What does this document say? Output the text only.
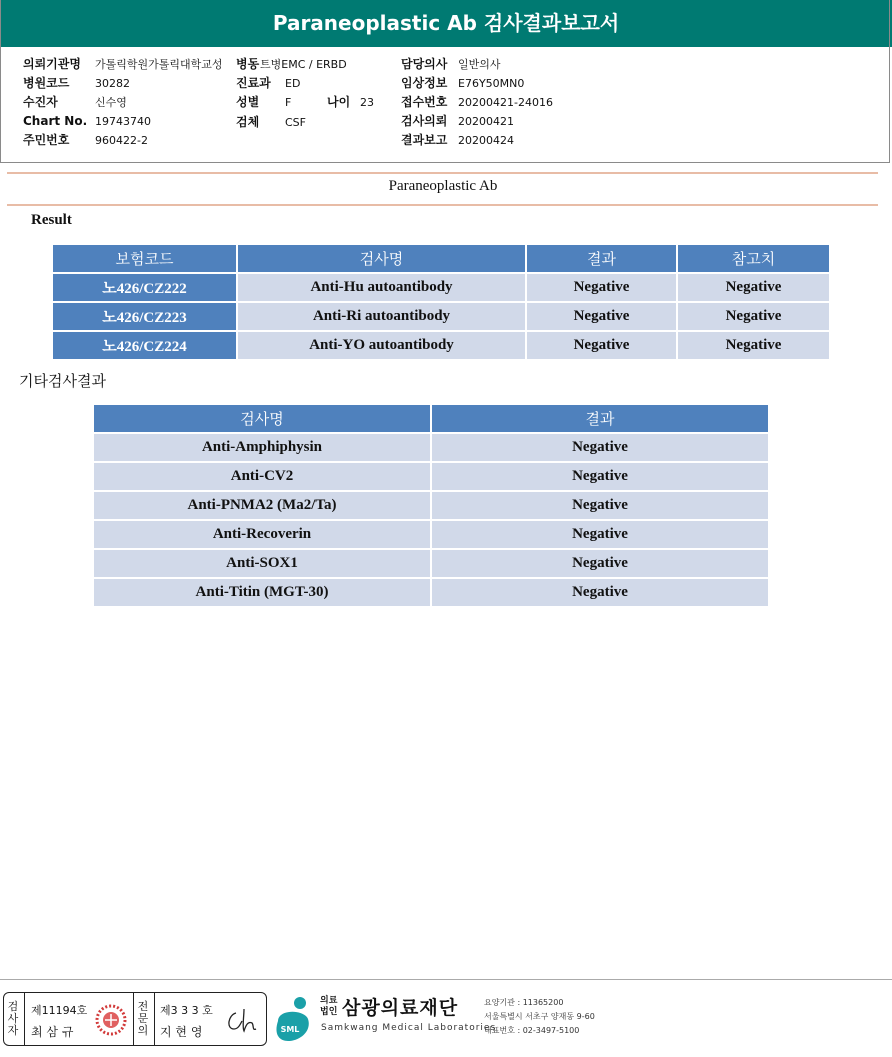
Paraneoplastic Ab 검사결과보고서
의뢰기관명 가톨릭학원가톨릭대학교성
병원코드 30282
수진자	신수영
Chart No. 19743740
주민번호 960422-2
병동트병EMC / ERBD
진료과 ED
성별 F	나이 23
검체 CSF
담당의사 일반의사
임상정보 E76Y50MN0
접수번호 20200421-24016
검사의뢰 20200421
결과보고 20200424
Paraneoplastic Ab
Result
보험코드	검사명	결과	참고치
노426/CZ222	Anti-Hu autoantibody	Negative	Negative
노426/CZ223	Anti-Ri autoantibody	Negative	Negative
노426/CZ224	Anti-YO autoantibody	Negative	Negative
기타검사결과
검사명	결과
Anti-Amphiphysin	Negative
Anti-CV2	Negative
Anti-PNMA2 (Ma2/Ta)	Negative
Anti-Recoverin	Negative
Anti-SOX1	Negative
Anti-Titin (MGT-30)	Negative
검사자
제11194호
최 삼 규
전문의
제3 3 3 호
지 현 영	SML
의료법인 삼광의료재단
Samkwang Medical Laboratories
요양기관 : 11365200
서울특별시 서초구 양재동 9-60
대표번호 : 02-3497-5100
